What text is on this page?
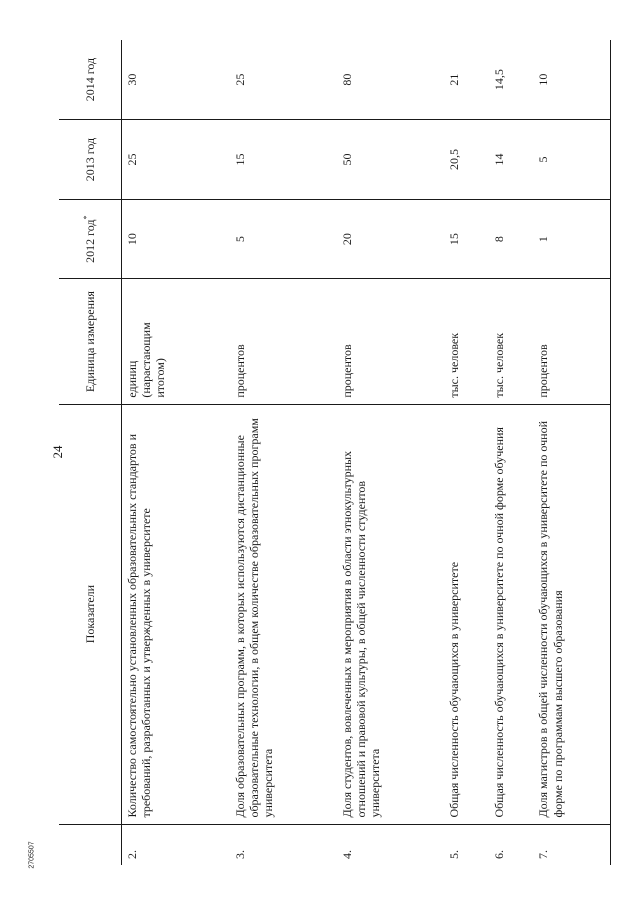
24
	Показатели	Единица измерения	2012 год*	2013 год	2014 год
2.	Количество самостоятельно установленных образовательных стандартов и требований, разработанных и утвержденных в университете	единиц (нарастающим итогом)	10	25	30
3.	Доля образовательных программ, в которых используются дистанционные образовательные технологии, в общем количестве образовательных программ университета	процентов	5	15	25
4.	Доля студентов, вовлеченных в мероприятия в области этнокультурных отношений и правовой культуры, в общей численности студентов университета	процентов	20	50	80
5.	Общая численность обучающихся в университете	тыс. человек	15	20,5	21
6.	Общая численность обучающихся в университете по очной форме обучения	тыс. человек	8	14	14,5
7.	Доля магистров в общей численности обучающихся в университете по очной форме по программам высшего образования	процентов	1	5	10
2705507
